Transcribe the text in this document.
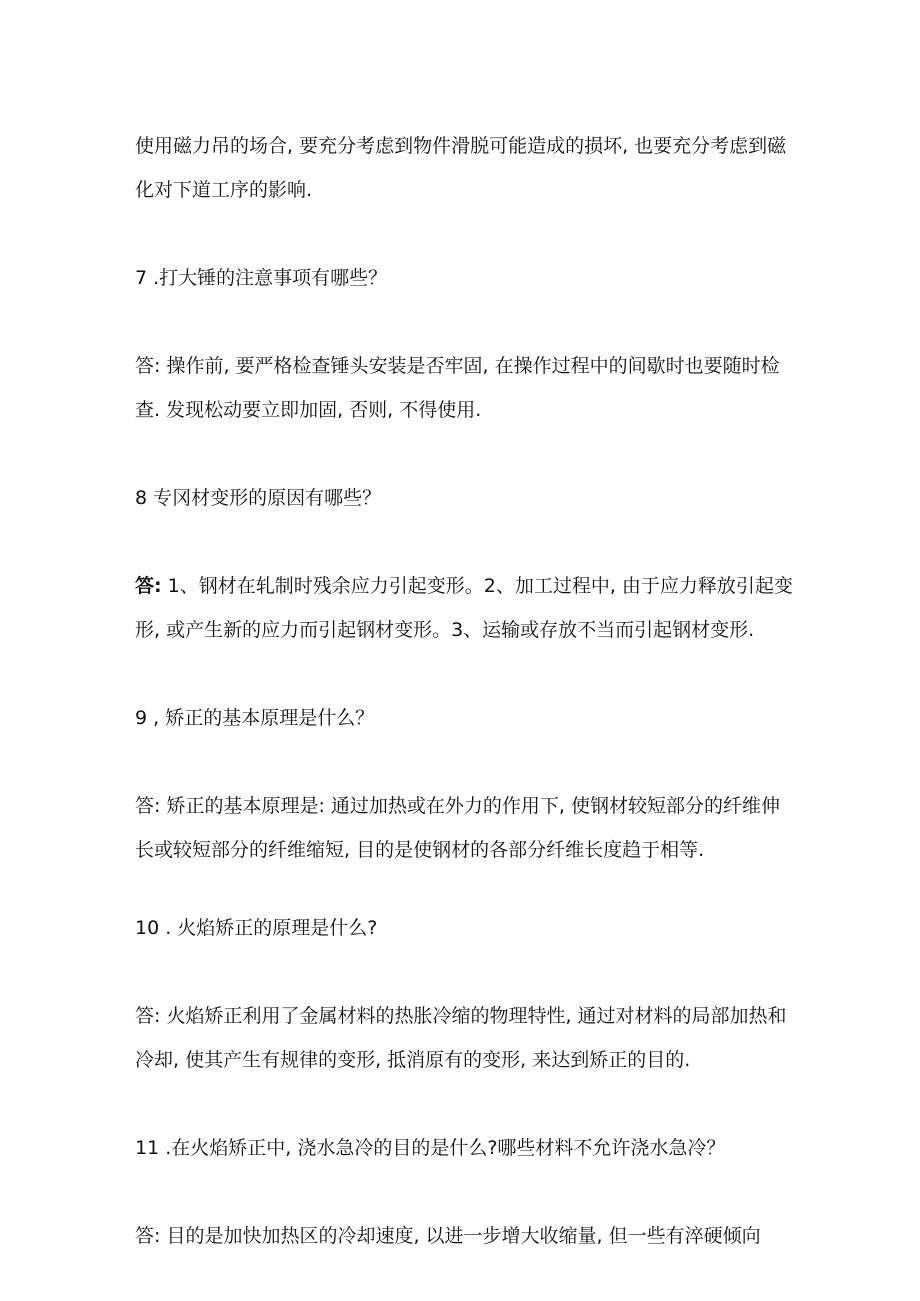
使用磁力吊的场合, 要充分考虑到物件滑脱可能造成的损坏, 也要充分考虑到磁化对下道工序的影响.

7 .打大锤的注意事项有哪些？

答: 操作前, 要严格检查锤头安装是否牢固, 在操作过程中的间歇时也要随时检查. 发现松动要立即加固, 否则, 不得使用.

8 专冈材变形的原因有哪些？

答: 1、钢材在轧制时残余应力引起变形。2、加工过程中, 由于应力释放引起变形, 或产生新的应力而引起钢材变形。3、运输或存放不当而引起钢材变形.

9 , 矫正的基本原理是什么？

答: 矫正的基本原理是: 通过加热或在外力的作用下, 使钢材较短部分的纤维伸长或较短部分的纤维缩短, 目的是使钢材的各部分纤维长度趋于相等.

10 . 火焰矫正的原理是什么?

答: 火焰矫正利用了金属材料的热胀冷缩的物理特性, 通过对材料的局部加热和冷却, 使其产生有规律的变形, 抵消原有的变形, 来达到矫正的目的.

11 .在火焰矫正中, 浇水急冷的目的是什么?哪些材料不允许浇水急冷？

答: 目的是加快加热区的冷却速度, 以进一步增大收缩量, 但一些有淬硬倾向
